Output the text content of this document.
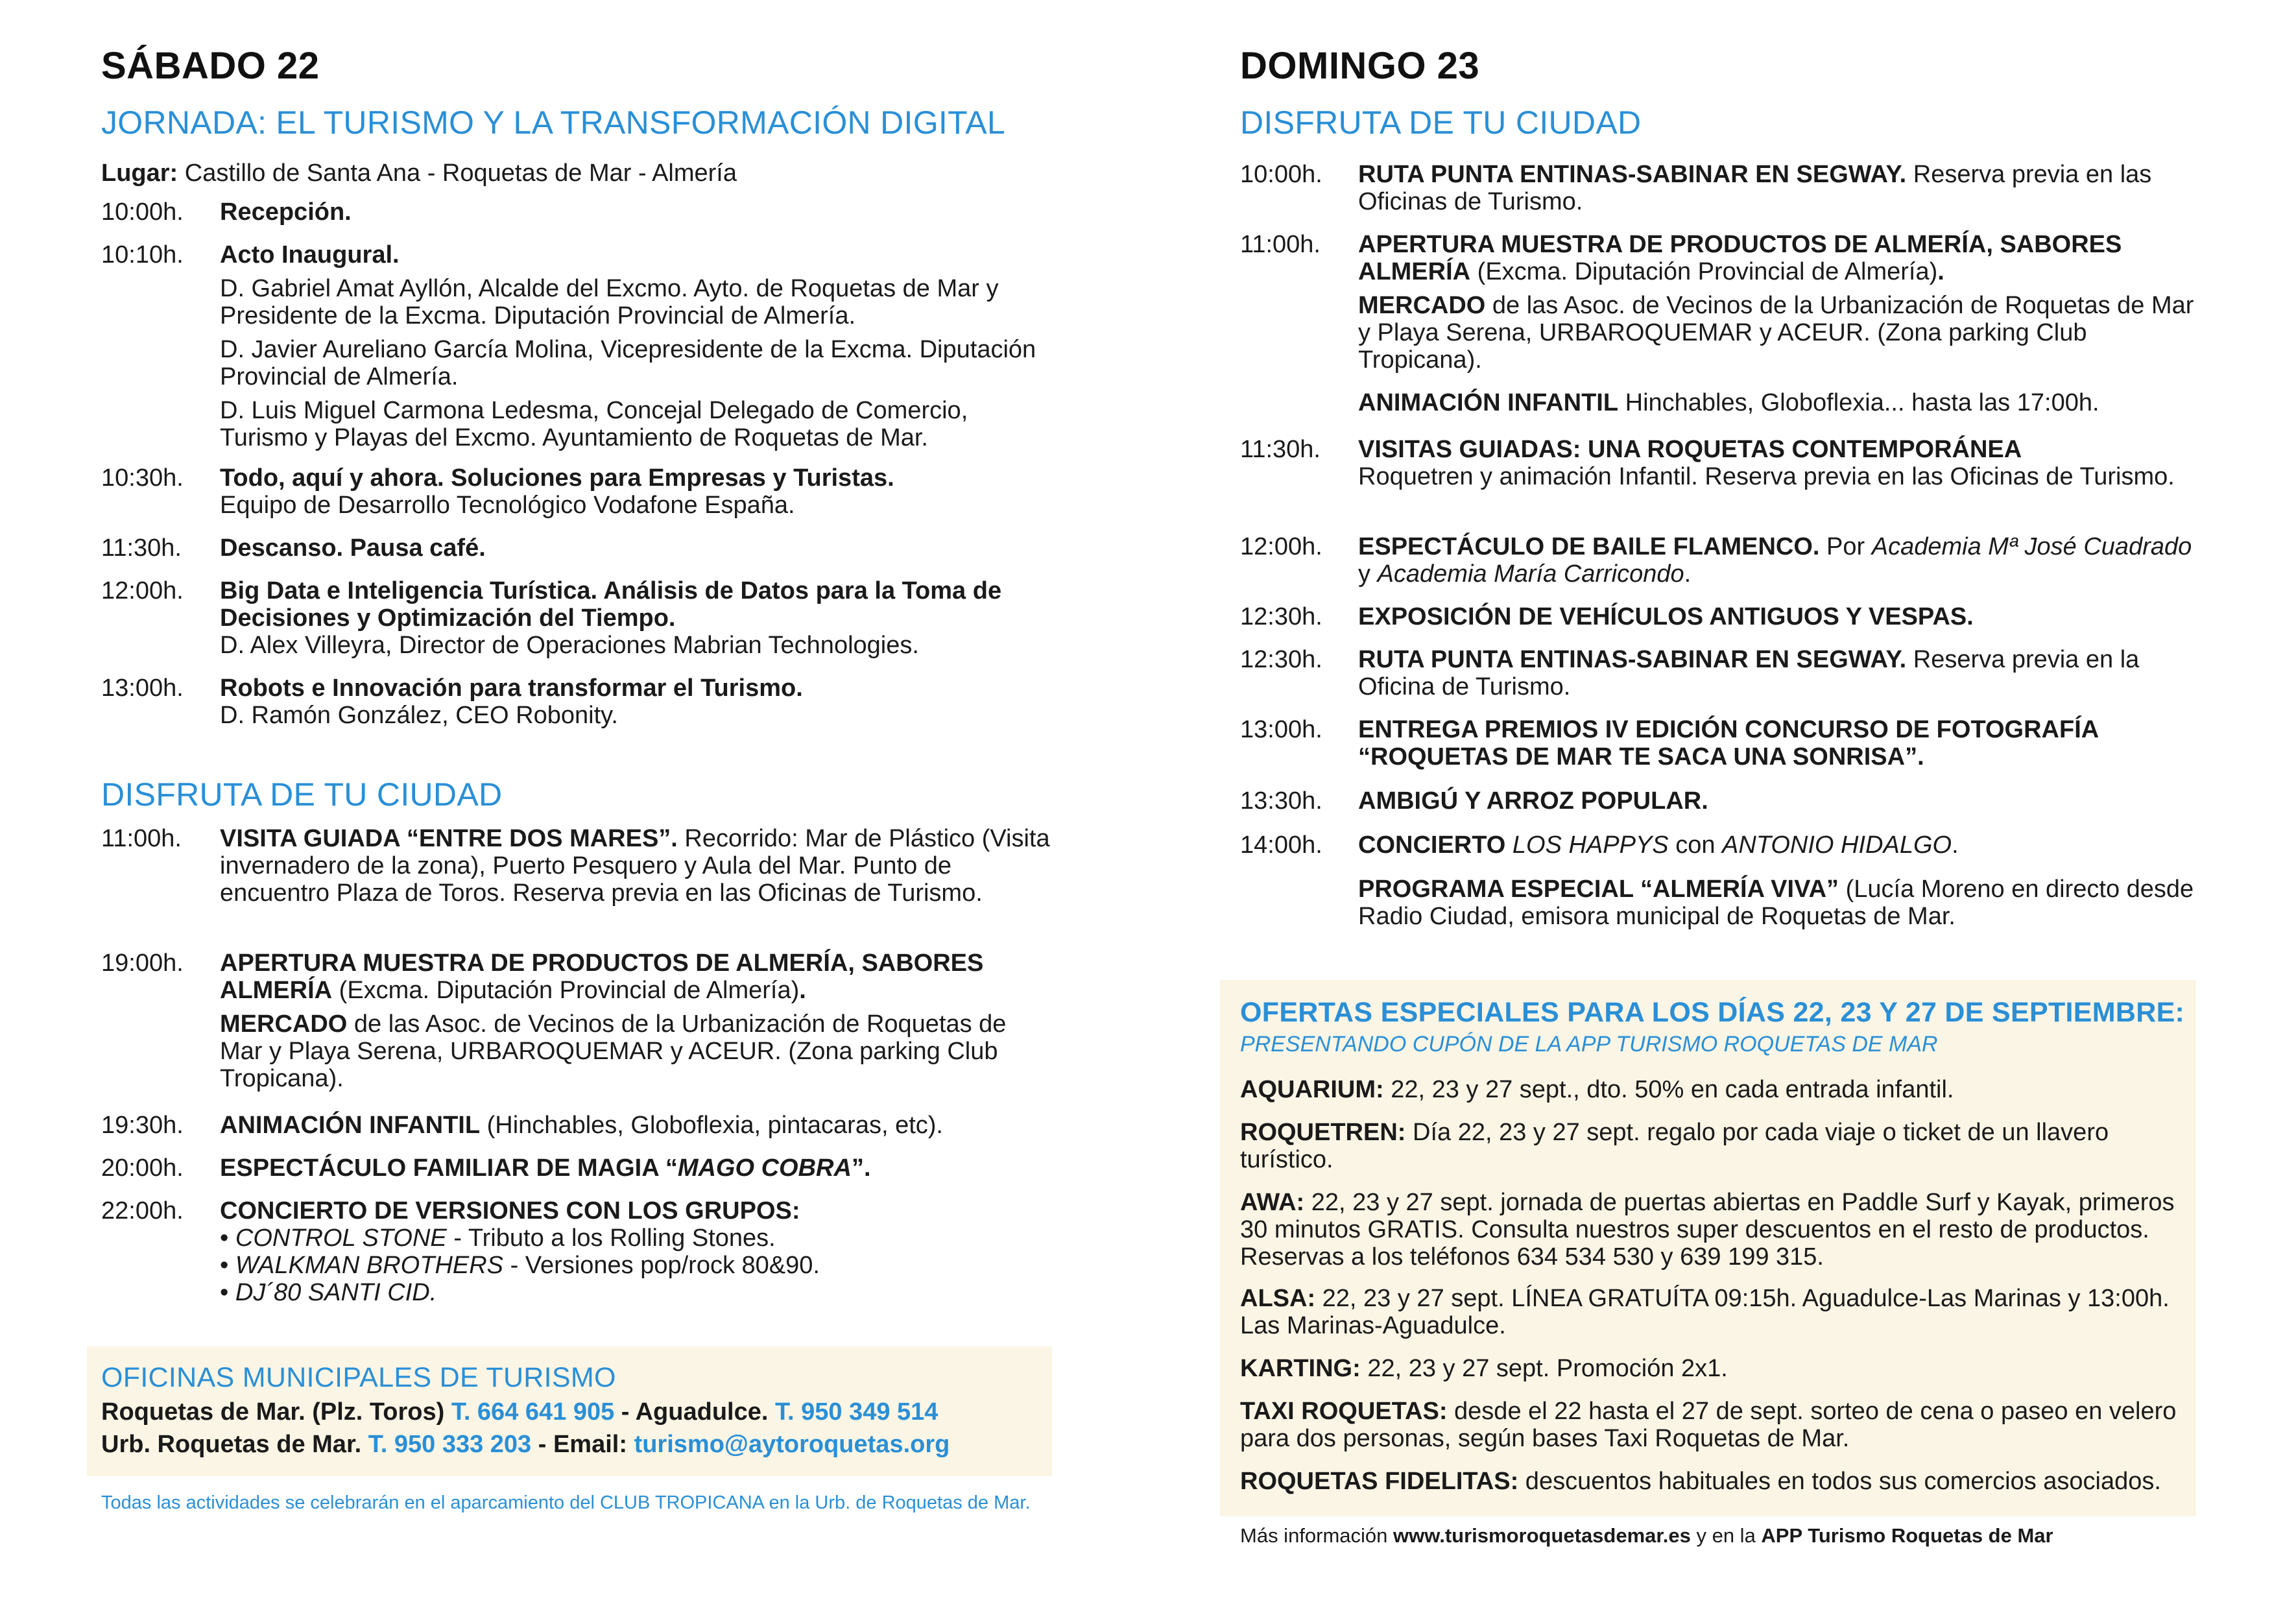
SÁBADO 22
JORNADA: EL TURISMO Y LA TRANSFORMACIÓN DIGITAL
Lugar: Castillo de Santa Ana - Roquetas de Mar - Almería
10:00h.	Recepción.

10:10h.	Acto Inaugural.

D. Gabriel Amat Ayllón, Alcalde del Excmo. Ayto. de Roquetas de Mar y Presidente de la Excma. Diputación Provincial de Almería.

D. Javier Aureliano García Molina, Vicepresidente de la Excma. Diputación Provincial de Almería.

D. Luis Miguel Carmona Ledesma, Concejal Delegado de Comercio, Turismo y Playas del Excmo. Ayuntamiento de Roquetas de Mar.

10:30h.	Todo, aquí y ahora. Soluciones para Empresas y Turistas.

Equipo de Desarrollo Tecnológico Vodafone España.

11:30h.	Descanso. Pausa café.

12:00h.	Big Data e Inteligencia Turística. Análisis de Datos para la Toma de Decisiones y Optimización del Tiempo.

D. Alex Villeyra, Director de Operaciones Mabrian Technologies.

13:00h.	Robots e Innovación para transformar el Turismo.

D. Ramón González, CEO Robonity.

DISFRUTA DE TU CIUDAD
11:00h.	VISITA GUIADA “ENTRE DOS MARES”. Recorrido: Mar de Plástico (Visita invernadero de la zona), Puerto Pesquero y Aula del Mar. Punto de encuentro Plaza de Toros. Reserva previa en las Oficinas de Turismo.

19:00h.	APERTURA MUESTRA DE PRODUCTOS DE ALMERÍA, SABORES ALMERÍA (Excma. Diputación Provincial de Almería).

MERCADO de las Asoc. de Vecinos de la Urbanización de Roquetas de Mar y Playa Serena, URBAROQUEMAR y ACEUR. (Zona parking Club Tropicana).

19:30h.	ANIMACIÓN INFANTIL (Hinchables, Globoflexia, pintacaras, etc).

20:00h.	ESPECTÁCULO FAMILIAR DE MAGIA “MAGO COBRA”.

22:00h.	CONCIERTO DE VERSIONES CON LOS GRUPOS:

• CONTROL STONE - Tributo a los Rolling Stones.

• WALKMAN BROTHERS - Versiones pop/rock 80&90.

• DJ´80 SANTI CID.

OFICINAS MUNICIPALES DE TURISMO
Roquetas de Mar. (Plz. Toros) T. 664 641 905 - Aguadulce. T. 950 349 514
Urb. Roquetas de Mar. T. 950 333 203 - Email: turismo@aytoroquetas.org
Todas las actividades se celebrarán en el aparcamiento del CLUB TROPICANA en la Urb. de Roquetas de Mar.
DOMINGO 23
DISFRUTA DE TU CIUDAD
10:00h.	RUTA PUNTA ENTINAS-SABINAR EN SEGWAY. Reserva previa en las Oficinas de Turismo.

11:00h.	APERTURA MUESTRA DE PRODUCTOS DE ALMERÍA, SABORES ALMERÍA (Excma. Diputación Provincial de Almería).

MERCADO de las Asoc. de Vecinos de la Urbanización de Roquetas de Mar y Playa Serena, URBAROQUEMAR y ACEUR. (Zona parking Club Tropicana).

ANIMACIÓN INFANTIL Hinchables, Globoflexia... hasta las 17:00h.

11:30h.	VISITAS GUIADAS: UNA ROQUETAS CONTEMPORÁNEA

Roquetren y animación Infantil. Reserva previa en las Oficinas de Turismo.

12:00h.	ESPECTÁCULO DE BAILE FLAMENCO. Por Academia Mª José Cuadrado y Academia María Carricondo.

12:30h.	EXPOSICIÓN DE VEHÍCULOS ANTIGUOS Y VESPAS.

12:30h.	RUTA PUNTA ENTINAS-SABINAR EN SEGWAY. Reserva previa en la Oficina de Turismo.

13:00h.	ENTREGA PREMIOS IV EDICIÓN CONCURSO DE FOTOGRAFÍA “ROQUETAS DE MAR TE SACA UNA SONRISA”.

13:30h.	AMBIGÚ Y ARROZ POPULAR.

14:00h.	CONCIERTO LOS HAPPYS con ANTONIO HIDALGO.

PROGRAMA ESPECIAL “ALMERÍA VIVA” (Lucía Moreno en directo desde Radio Ciudad, emisora municipal de Roquetas de Mar.

OFERTAS ESPECIALES PARA LOS DÍAS 22, 23 Y 27 DE SEPTIEMBRE:
PRESENTANDO CUPÓN DE LA APP TURISMO ROQUETAS DE MAR
AQUARIUM: 22, 23 y 27 sept., dto. 50% en cada entrada infantil.
ROQUETREN: Día 22, 23 y 27 sept. regalo por cada viaje o ticket de un llavero turístico.
AWA: 22, 23 y 27 sept. jornada de puertas abiertas en Paddle Surf y Kayak, primeros 30 minutos GRATIS. Consulta nuestros super descuentos en el resto de productos. Reservas a los teléfonos 634 534 530 y 639 199 315.
ALSA: 22, 23 y 27 sept. LÍNEA GRATUÍTA 09:15h. Aguadulce-Las Marinas y 13:00h. Las Marinas-Aguadulce.
KARTING: 22, 23 y 27 sept. Promoción 2x1.
TAXI ROQUETAS: desde el 22 hasta el 27 de sept. sorteo de cena o paseo en velero para dos personas, según bases Taxi Roquetas de Mar.
ROQUETAS FIDELITAS: descuentos habituales en todos sus comercios asociados.
Más información www.turismoroquetasdemar.es y en la APP Turismo Roquetas de Mar
